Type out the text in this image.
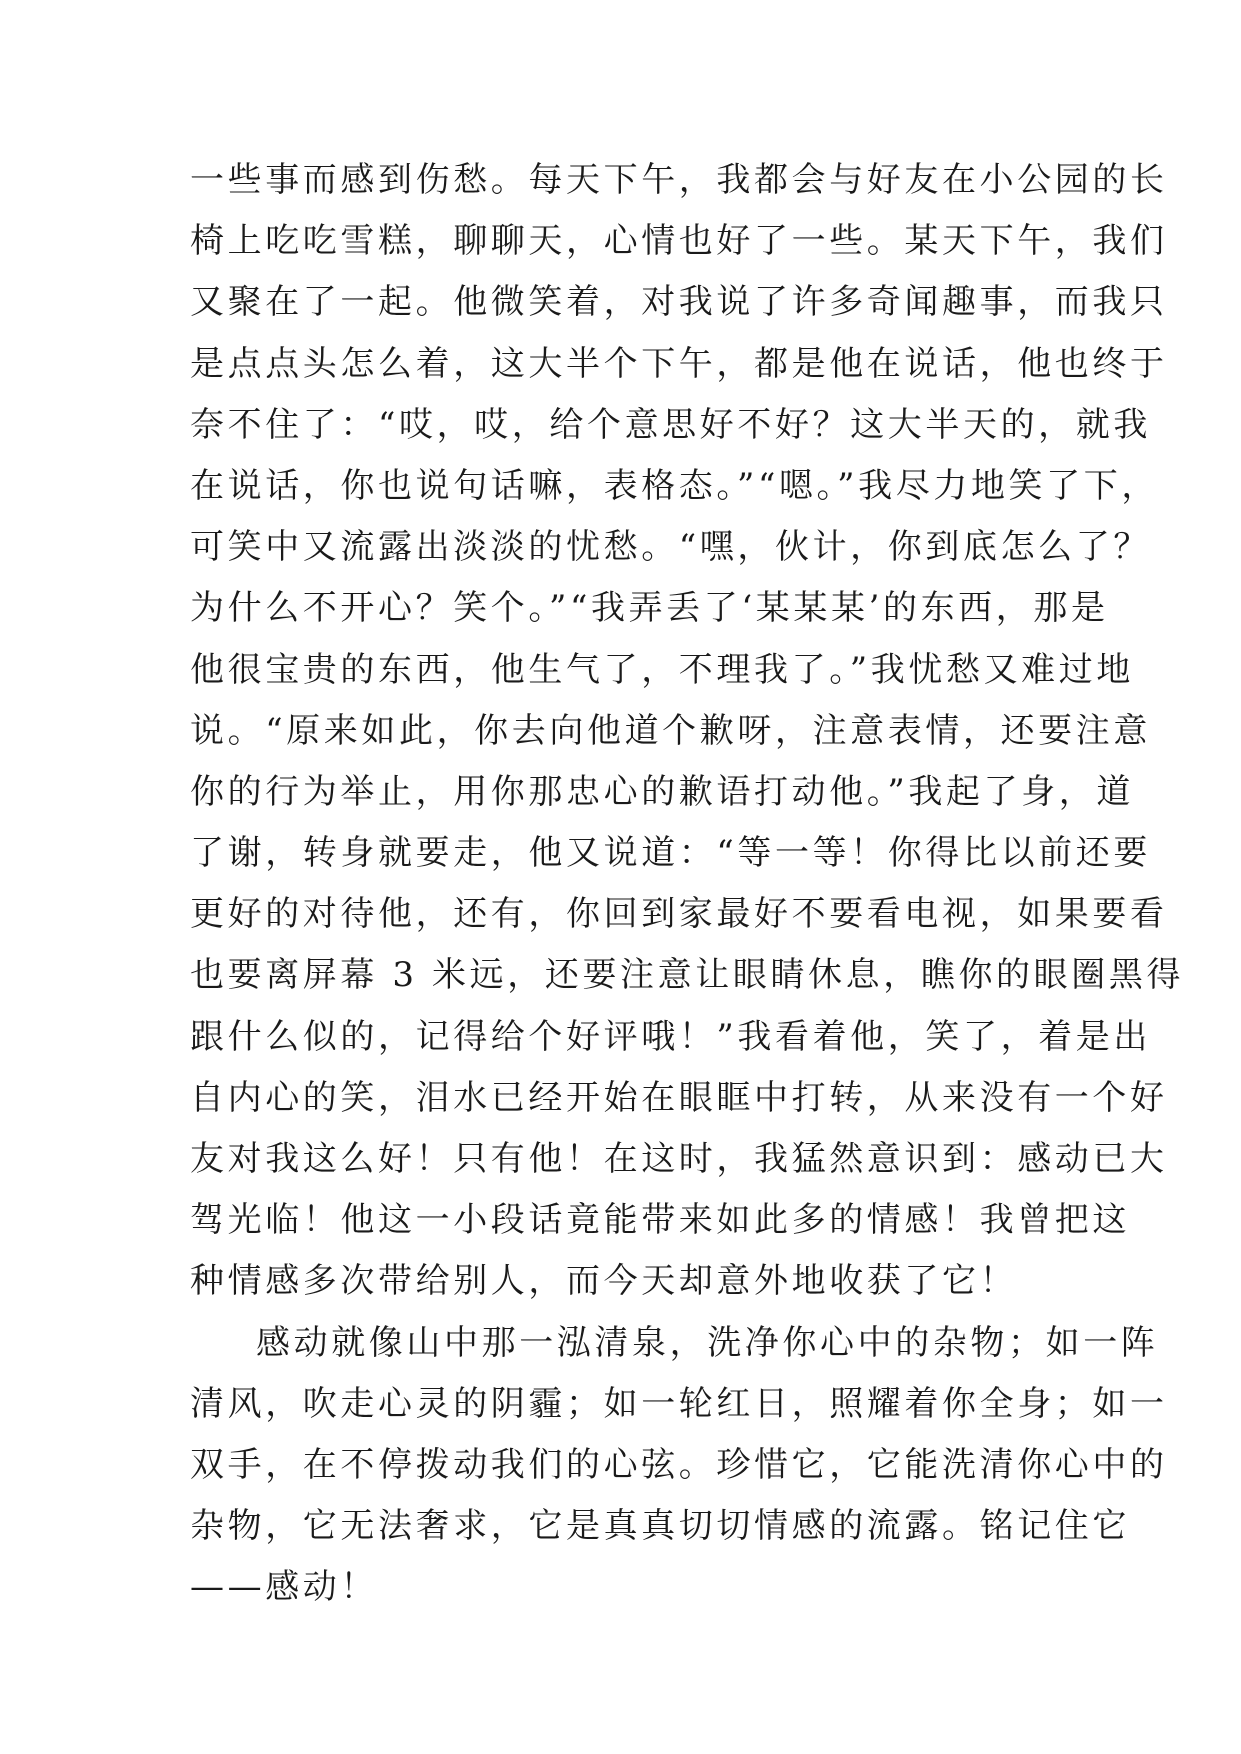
一些事而感到伤愁。每天下午，我都会与好友在小公园的长
椅上吃吃雪糕，聊聊天，心情也好了一些。某天下午，我们
又聚在了一起。他微笑着，对我说了许多奇闻趣事，而我只
是点点头怎么着，这大半个下午，都是他在说话，他也终于
奈不住了：“哎，哎，给个意思好不好？这大半天的，就我
在说话，你也说句话嘛，表格态。”“嗯。”我尽力地笑了下，
可笑中又流露出淡淡的忧愁。“嘿，伙计，你到底怎么了？
为什么不开心？笑个。”“我弄丢了‘某某某’的东西，那是
他很宝贵的东西，他生气了，不理我了。”我忧愁又难过地
说。“原来如此，你去向他道个歉呀，注意表情，还要注意
你的行为举止，用你那忠心的歉语打动他。”我起了身，道
了谢，转身就要走，他又说道：“等一等！你得比以前还要
更好的对待他，还有，你回到家最好不要看电视，如果要看
也要离屏幕 3 米远，还要注意让眼睛休息，瞧你的眼圈黑得
跟什么似的，记得给个好评哦！”我看着他，笑了，着是出
自内心的笑，泪水已经开始在眼眶中打转，从来没有一个好
友对我这么好！只有他！在这时，我猛然意识到：感动已大
驾光临！他这一小段话竟能带来如此多的情感！我曾把这
种情感多次带给别人，而今天却意外地收获了它！
感动就像山中那一泓清泉，洗净你心中的杂物；如一阵
清风，吹走心灵的阴霾；如一轮红日，照耀着你全身；如一
双手，在不停拨动我们的心弦。珍惜它，它能洗清你心中的
杂物，它无法奢求，它是真真切切情感的流露。铭记住它
——感动！
